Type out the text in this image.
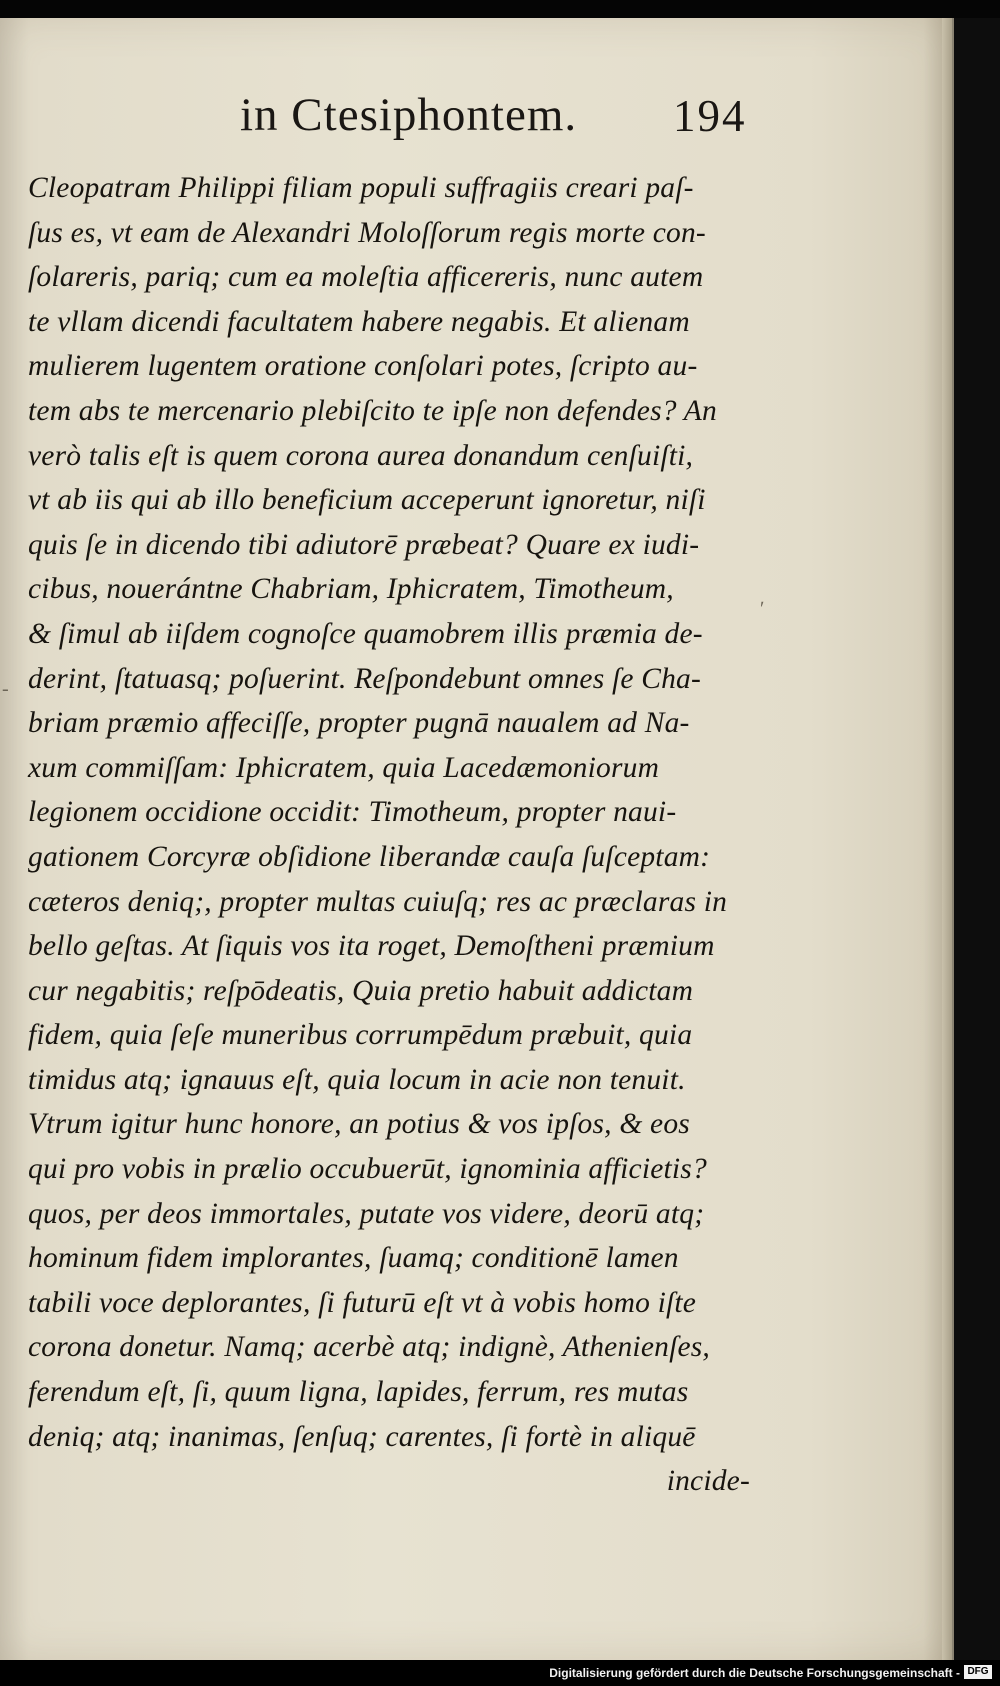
in Ctesiphontem. 194
ʹ
‐
Cleopatram Philippi filiam populi suffragiis creari paſ-
ſus es, vt eam de Alexandri Moloſſorum regis morte con-
ſolareris, pariq; cum ea moleſtia afficereris, nunc autem
te vllam dicendi facultatem habere negabis. Et alienam
mulierem lugentem oratione conſolari potes, ſcripto au-
tem abs te mercenario plebiſcito te ipſe non defendes? An
verò talis eſt is quem corona aurea donandum cenſuiſti,
vt ab iis qui ab illo beneficium acceperunt ignoretur, niſi
quis ſe in dicendo tibi adiutorē præbeat? Quare ex iudi-
cibus, nouerántne Chabriam, Iphicratem, Timotheum,
& ſimul ab iiſdem cognoſce quamobrem illis præmia de-
derint, ſtatuasq; poſuerint. Reſpondebunt omnes ſe Cha-
briam præmio affeciſſe, propter pugnā naualem ad Na-
xum commiſſam: Iphicratem, quia Lacedæmoniorum
legionem occidione occidit: Timotheum, propter naui-
gationem Corcyræ obſidione liberandæ cauſa ſuſceptam:
cæteros deniq;, propter multas cuiuſq; res ac præclaras in
bello geſtas. At ſiquis vos ita roget, Demoſtheni præmium
cur negabitis; reſpōdeatis, Quia pretio habuit addictam
fidem, quia ſeſe muneribus corrumpēdum præbuit, quia
timidus atq; ignauus eſt, quia locum in acie non tenuit.
Vtrum igitur hunc honore, an potius & vos ipſos, & eos
qui pro vobis in prælio occubuerūt, ignominia afficietis?
quos, per deos immortales, putate vos videre, deorū atq;
hominum fidem implorantes, ſuamq; conditionē lamen
tabili voce deplorantes, ſi futurū eſt vt à vobis homo iſte
corona donetur. Namq; acerbè atq; indignè, Athenienſes,
ferendum eſt, ſi, quum ligna, lapides, ferrum, res mutas
deniq; atq; inanimas, ſenſuq; carentes, ſi fortè in aliquē
incide-
Digitalisierung gefördert durch die Deutsche Forschungsgemeinschaft - DFG
